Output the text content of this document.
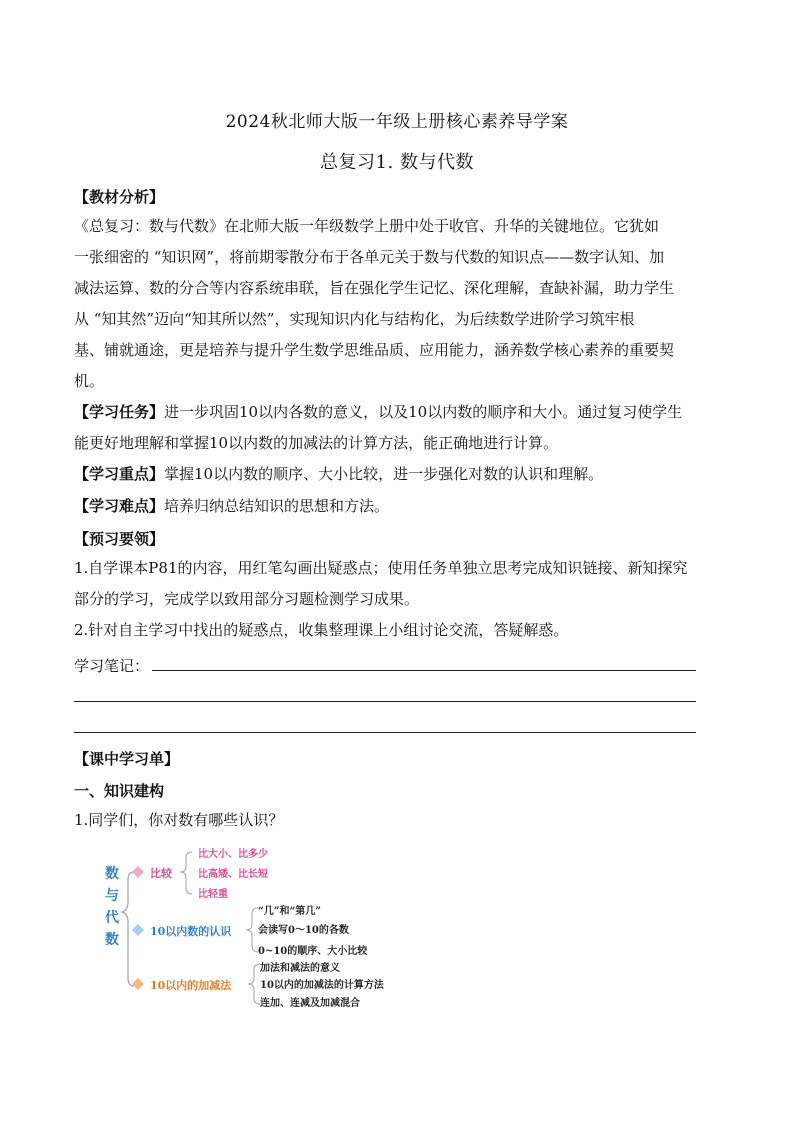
2024秋北师大版一年级上册核心素养导学案
总复习1. 数与代数
【教材分析】
《总复习：数与代数》在北师大版一年级数学上册中处于收官、升华的关键地位。它犹如
一张细密的 “知识网”，将前期零散分布于各单元关于数与代数的知识点——数字认知、加
减法运算、数的分合等内容系统串联，旨在强化学生记忆、深化理解，查缺补漏，助力学生
从 “知其然”迈向“知其所以然”，实现知识内化与结构化，为后续数学进阶学习筑牢根
基、铺就通途，更是培养与提升学生数学思维品质、应用能力，涵养数学核心素养的重要契
机。
【学习任务】进一步巩固10以内各数的意义，以及10以内数的顺序和大小。通过复习使学生
能更好地理解和掌握10以内数的加减法的计算方法，能正确地进行计算。
【学习重点】掌握10以内数的顺序、大小比较，进一步强化对数的认识和理解。
【学习难点】培养归纳总结知识的思想和方法。
【预习要领】
1.自学课本P81的内容，用红笔勾画出疑惑点；使用任务单独立思考完成知识链接、新知探究
部分的学习，完成学以致用部分习题检测学习成果。
2.针对自主学习中找出的疑惑点，收集整理课上小组讨论交流，答疑解惑。
学习笔记：
【课中学习单】
一、知识建构
1.同学们，你对数有哪些认识？
数
与
代
数
比较
比大小、比多少
比高矮、比长短
比轻重
10以内数的认识
“几”和“第几”
会读写0～10的各数
0~10的顺序、大小比较
10以内的加减法
加法和减法的意义
10以内的加减法的计算方法
连加、连减及加减混合
